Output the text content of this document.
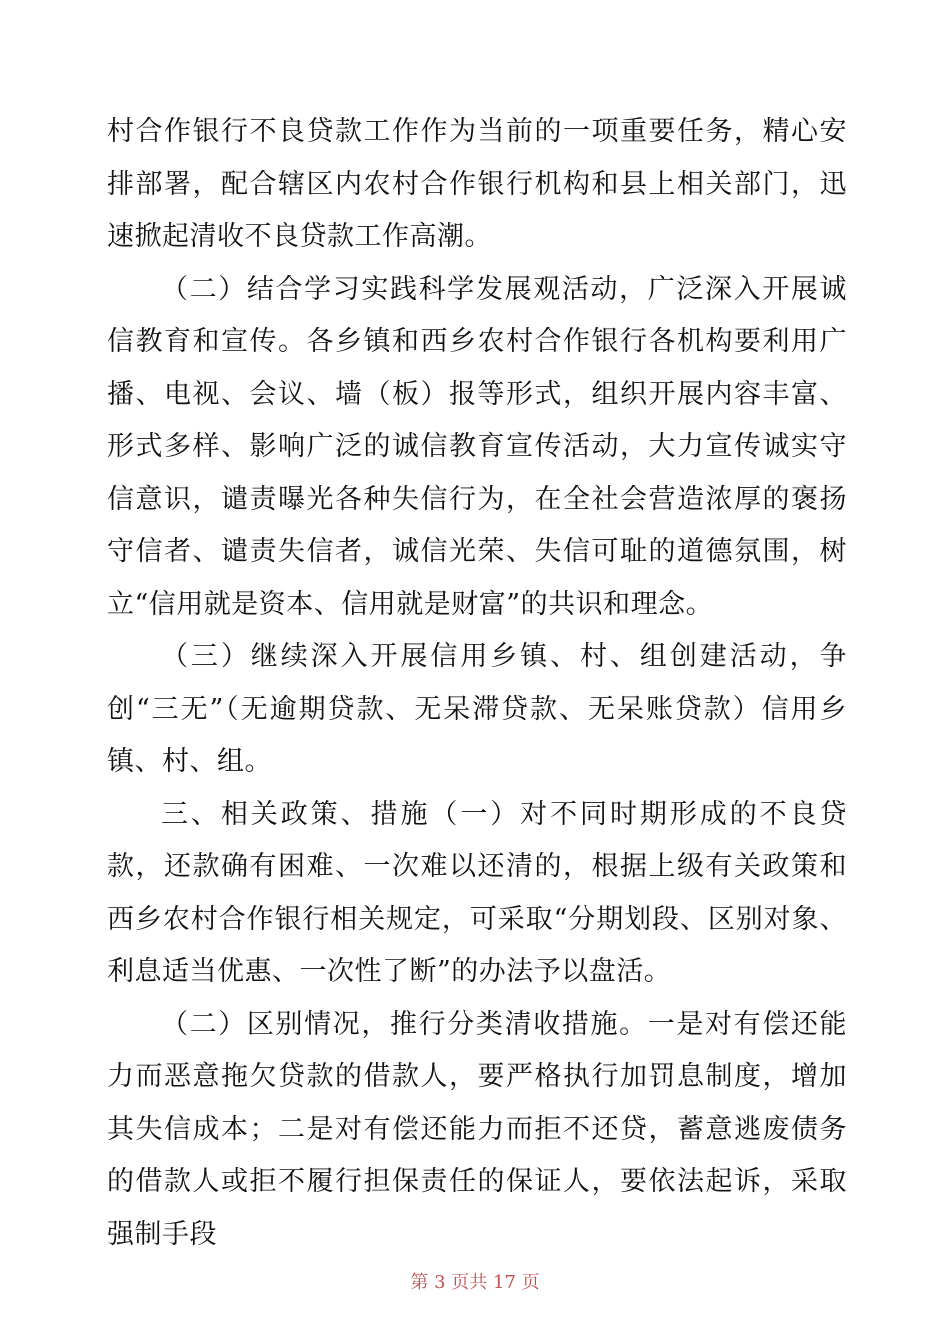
村合作银行不良贷款工作作为当前的一项重要任务，精心安排部署，配合辖区内农村合作银行机构和县上相关部门，迅速掀起清收不良贷款工作高潮。

（二）结合学习实践科学发展观活动，广泛深入开展诚信教育和宣传。各乡镇和西乡农村合作银行各机构要利用广播、电视、会议、墙（板）报等形式，组织开展内容丰富、形式多样、影响广泛的诚信教育宣传活动，大力宣传诚实守信意识，谴责曝光各种失信行为，在全社会营造浓厚的褒扬守信者、谴责失信者，诚信光荣、失信可耻的道德氛围，树立“信用就是资本、信用就是财富”的共识和理念。

（三）继续深入开展信用乡镇、村、组创建活动，争创“三无”（无逾期贷款、无呆滞贷款、无呆账贷款）信用乡镇、村、组。

三、相关政策、措施（一）对不同时期形成的不良贷款，还款确有困难、一次难以还清的，根据上级有关政策和西乡农村合作银行相关规定，可采取“分期划段、区别对象、利息适当优惠、一次性了断”的办法予以盘活。

（二）区别情况，推行分类清收措施。一是对有偿还能力而恶意拖欠贷款的借款人，要严格执行加罚息制度，增加其失信成本；二是对有偿还能力而拒不还贷，蓄意逃废债务的借款人或拒不履行担保责任的保证人，要依法起诉，采取强制手段

第 3 页共 17 页
